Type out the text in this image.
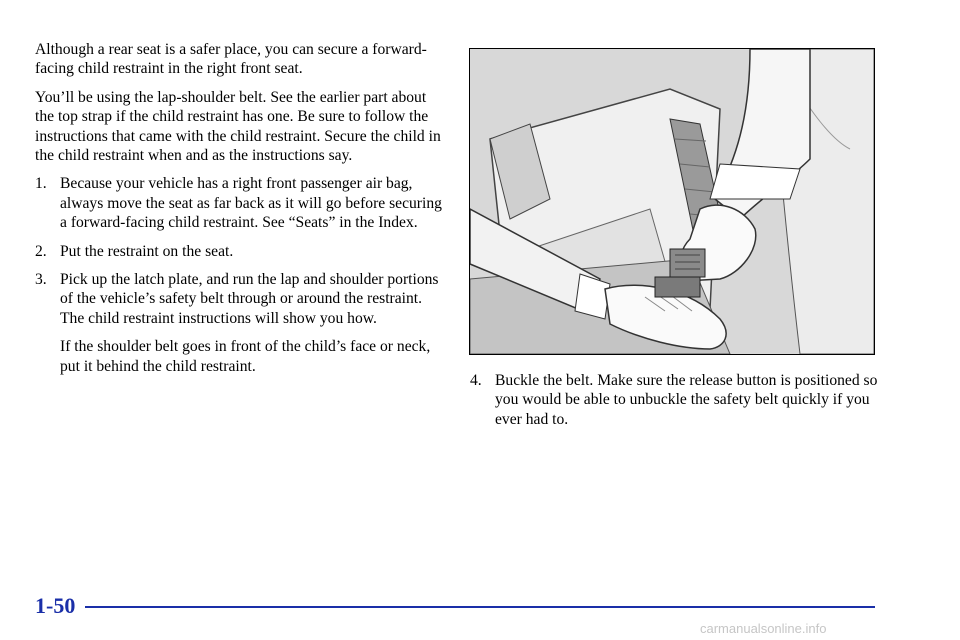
Although a rear seat is a safer place, you can secure a forward-facing child restraint in the right front seat.

You’ll be using the lap-shoulder belt. See the earlier part about the top strap if the child restraint has one. Be sure to follow the instructions that came with the child restraint. Secure the child in the child restraint when and as the instructions say.

1. Because your vehicle has a right front passenger air bag, always move the seat as far back as it will go before securing a forward-facing child restraint. See “Seats” in the Index.
2. Put the restraint on the seat.
3. Pick up the latch plate, and run the lap and shoulder portions of the vehicle’s safety belt through or around the restraint. The child restraint instructions will show you how.

If the shoulder belt goes in front of the child’s face or neck, put it behind the child restraint.

4. Buckle the belt. Make sure the release button is positioned so you would be able to unbuckle the safety belt quickly if you ever had to.
1-50
carmanualsonline.info
